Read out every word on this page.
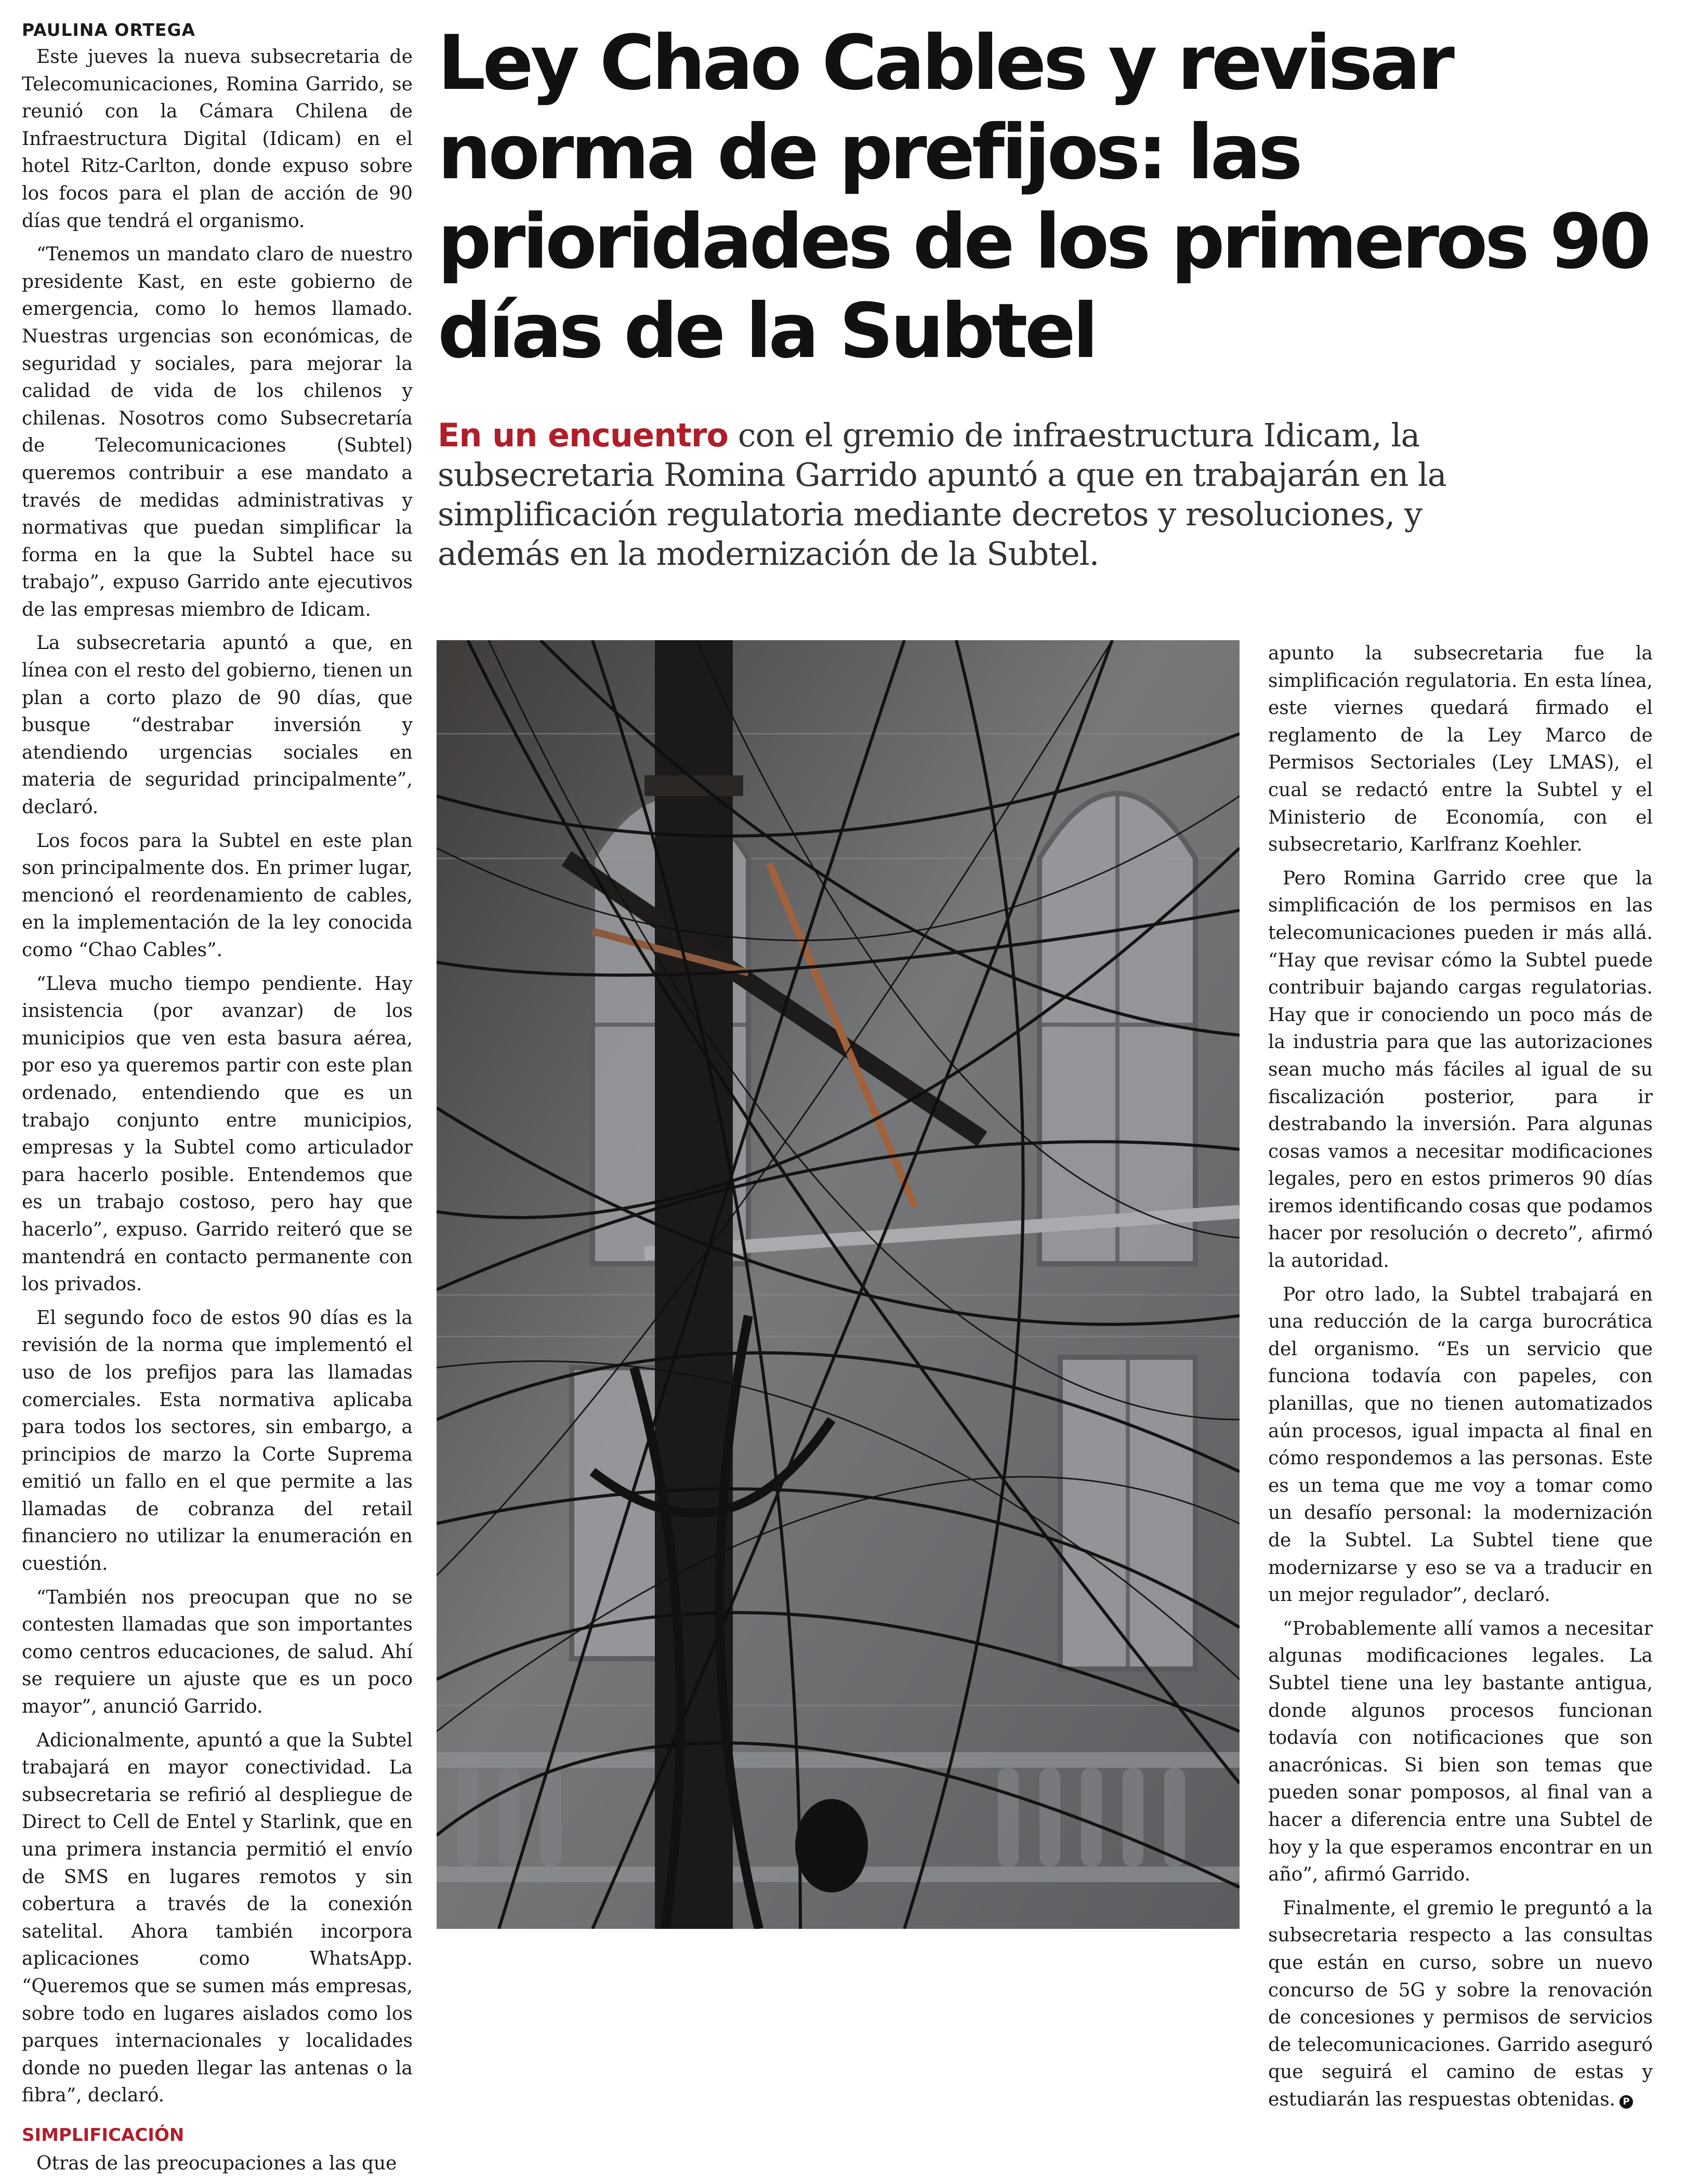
PAULINA ORTEGA

Este jueves la nueva subsecretaria de Telecomunicaciones, Romina Garrido, se reunió con la Cámara Chilena de Infraestructura Digital (Idicam) en el hotel Ritz-Carlton, donde expuso sobre los focos para el plan de acción de 90 días que tendrá el organismo.

“Tenemos un mandato claro de nuestro presidente Kast, en este gobierno de emergencia, como lo hemos llamado. Nuestras urgencias son económicas, de seguridad y sociales, para mejorar la calidad de vida de los chilenos y chilenas. Nosotros como Subsecretaría de Telecomunicaciones (Subtel) queremos contribuir a ese mandato a través de medidas administrativas y normativas que puedan simplificar la forma en la que la Subtel hace su trabajo”, expuso Garrido ante ejecutivos de las empresas miembro de Idicam.

La subsecretaria apuntó a que, en línea con el resto del gobierno, tienen un plan a corto plazo de 90 días, que busque “destrabar inversión y atendiendo urgencias sociales en materia de seguridad principalmente”, declaró.

Los focos para la Subtel en este plan son principalmente dos. En primer lugar, mencionó el reordenamiento de cables, en la implementación de la ley conocida como “Chao Cables”.

“Lleva mucho tiempo pendiente. Hay insistencia (por avanzar) de los municipios que ven esta basura aérea, por eso ya queremos partir con este plan ordenado, entendiendo que es un trabajo conjunto entre municipios, empresas y la Subtel como articulador para hacerlo posible. Entendemos que es un trabajo costoso, pero hay que hacerlo”, expuso. Garrido reiteró que se mantendrá en contacto permanente con los privados.

El segundo foco de estos 90 días es la revisión de la norma que implementó el uso de los prefijos para las llamadas comerciales. Esta normativa aplicaba para todos los sectores, sin embargo, a principios de marzo la Corte Suprema emitió un fallo en el que permite a las llamadas de cobranza del retail financiero no utilizar la enumeración en cuestión.

“También nos preocupan que no se contesten llamadas que son importantes como centros educaciones, de salud. Ahí se requiere un ajuste que es un poco mayor”, anunció Garrido.

Adicionalmente, apuntó a que la Subtel trabajará en mayor conectividad. La subsecretaria se refirió al despliegue de Direct to Cell de Entel y Starlink, que en una primera instancia permitió el envío de SMS en lugares remotos y sin cobertura a través de la conexión satelital. Ahora también incorpora aplicaciones como WhatsApp. “Queremos que se sumen más empresas, sobre todo en lugares aislados como los parques internacionales y localidades donde no pueden llegar las antenas o la fibra”, declaró.

SIMPLIFICACIÓN

Otras de las preocupaciones a las que

Ley Chao Cables y revisar norma de prefijos: las prioridades de los primeros 90 días de la Subtel

En un encuentro con el gremio de infraestructura Idicam, la subsecretaria Romina Garrido apuntó a que en trabajarán en la simplificación regulatoria mediante decretos y resoluciones, y además en la modernización de la Subtel.

apunto la subsecretaria fue la simplificación regulatoria. En esta línea, este viernes quedará firmado el reglamento de la Ley Marco de Permisos Sectoriales (Ley LMAS), el cual se redactó entre la Subtel y el Ministerio de Economía, con el subsecretario, Karlfranz Koehler.

Pero Romina Garrido cree que la simplificación de los permisos en las telecomunicaciones pueden ir más allá. “Hay que revisar cómo la Subtel puede contribuir bajando cargas regulatorias. Hay que ir conociendo un poco más de la industria para que las autorizaciones sean mucho más fáciles al igual de su fiscalización posterior, para ir destrabando la inversión. Para algunas cosas vamos a necesitar modificaciones legales, pero en estos primeros 90 días iremos identificando cosas que podamos hacer por resolución o decreto”, afirmó la autoridad.

Por otro lado, la Subtel trabajará en una reducción de la carga burocrática del organismo. “Es un servicio que funciona todavía con papeles, con planillas, que no tienen automatizados aún procesos, igual impacta al final en cómo respondemos a las personas. Este es un tema que me voy a tomar como un desafío personal: la modernización de la Subtel. La Subtel tiene que modernizarse y eso se va a traducir en un mejor regulador”, declaró.

“Probablemente allí vamos a necesitar algunas modificaciones legales. La Subtel tiene una ley bastante antigua, donde algunos procesos funcionan todavía con notificaciones que son anacrónicas. Si bien son temas que pueden sonar pomposos, al final van a hacer a diferencia entre una Subtel de hoy y la que esperamos encontrar en un año”, afirmó Garrido.

Finalmente, el gremio le preguntó a la subsecretaria respecto a las consultas que están en curso, sobre un nuevo concurso de 5G y sobre la renovación de concesiones y permisos de servicios de telecomunicaciones. Garrido aseguró que seguirá el camino de estas y estudiarán las respuestas obtenidas. P
